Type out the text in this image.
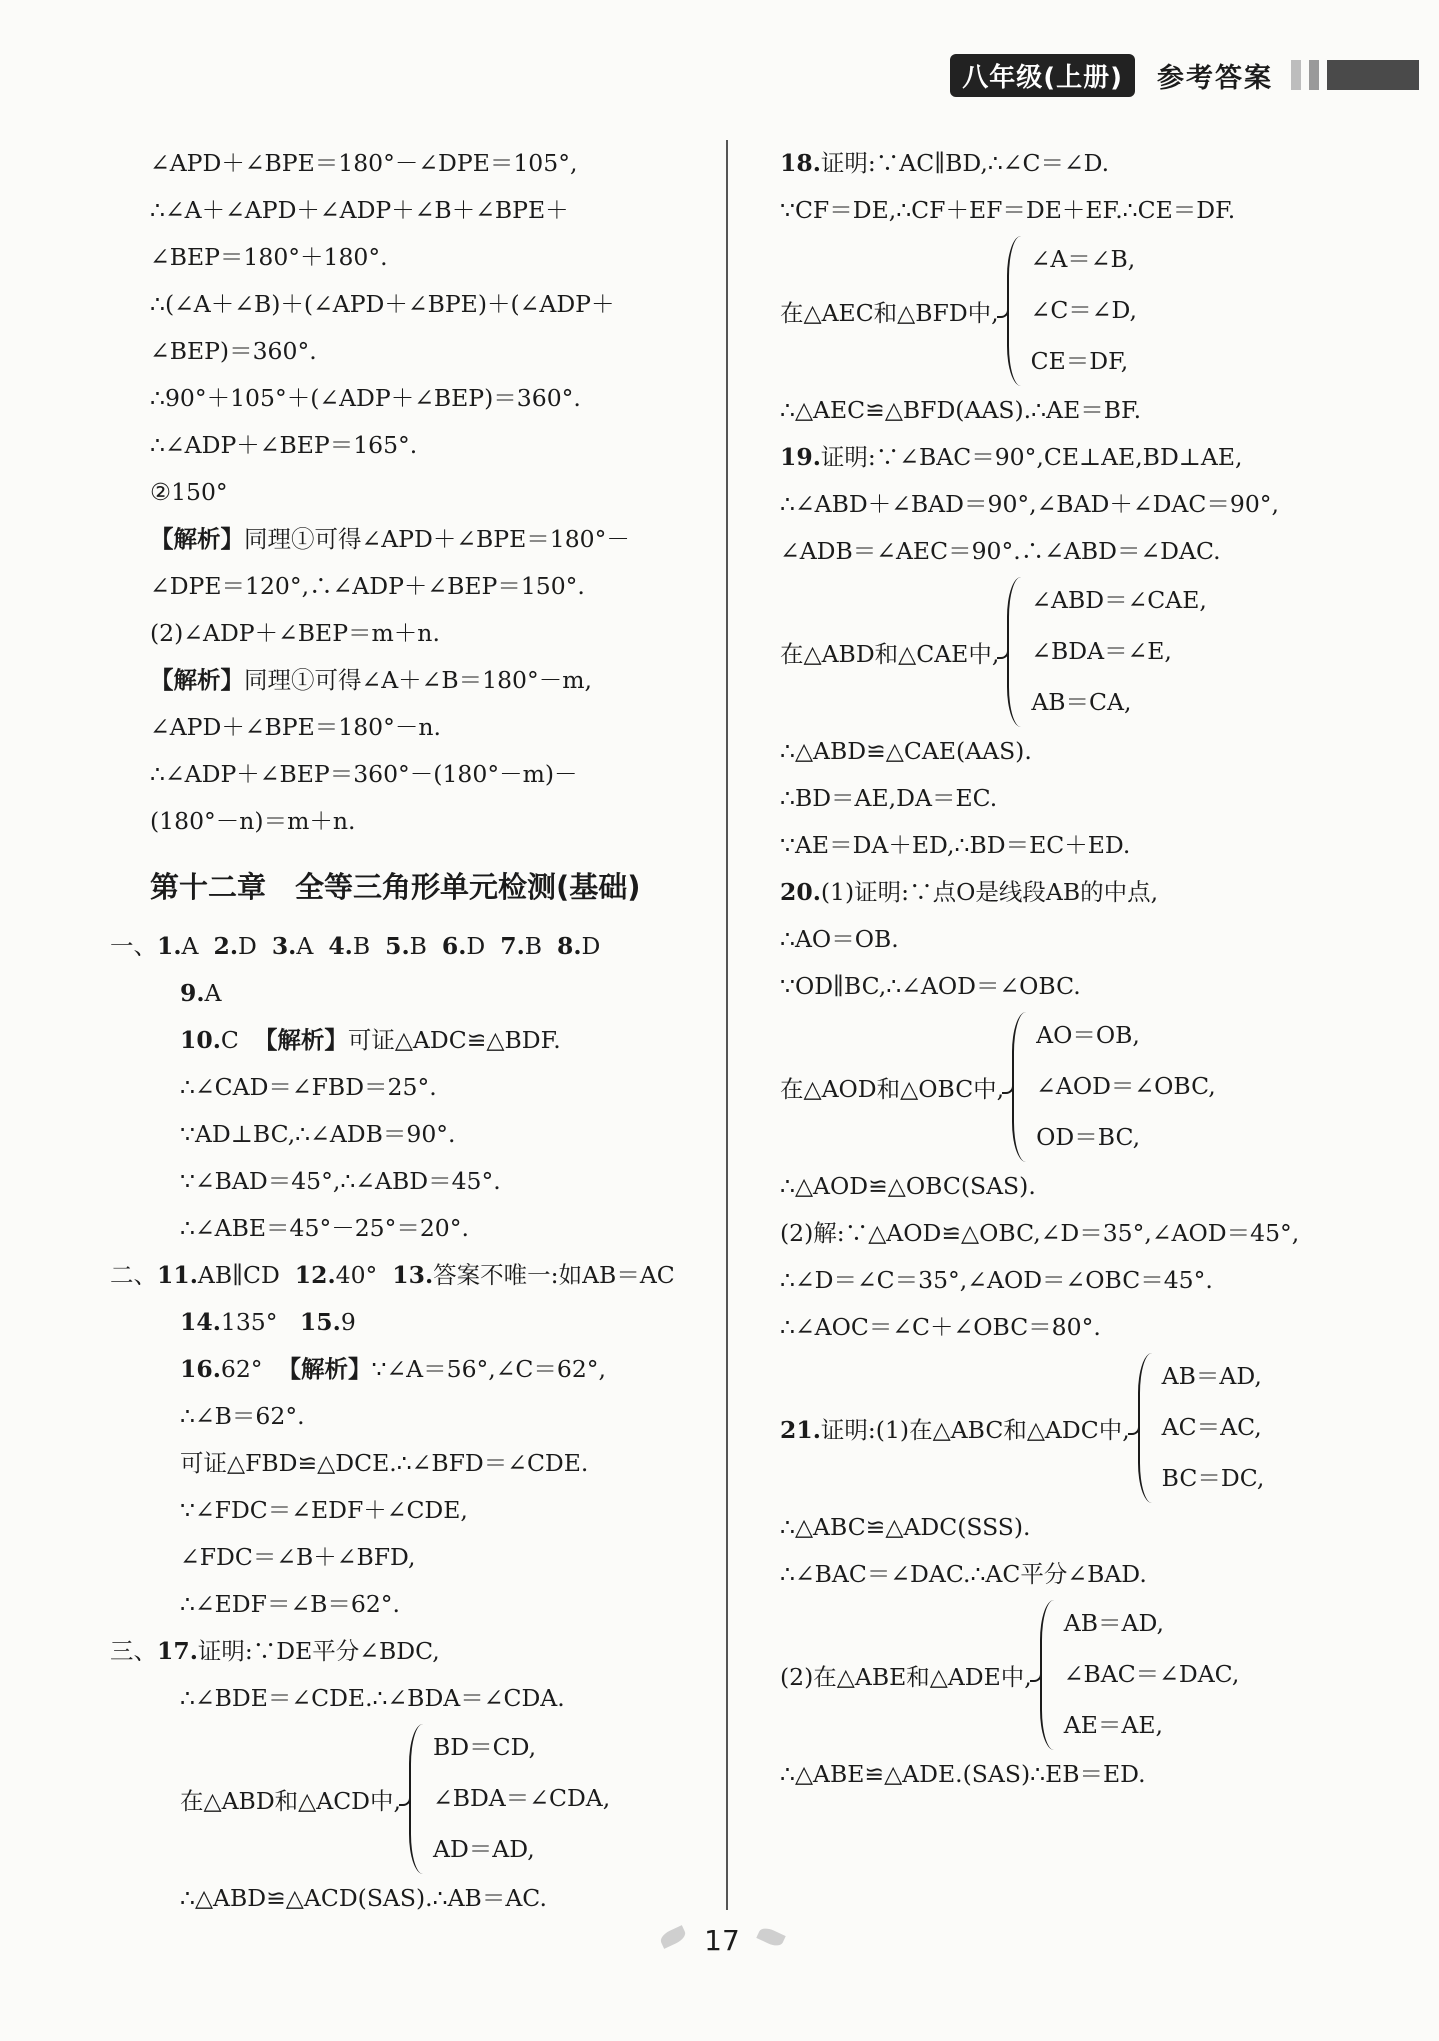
八年级(上册)	参考答案
∠APD＋∠BPE＝180°－∠DPE＝105°,
∴∠A＋∠APD＋∠ADP＋∠B＋∠BPE＋
∠BEP＝180°＋180°.
∴(∠A＋∠B)＋(∠APD＋∠BPE)＋(∠ADP＋
∠BEP)＝360°.
∴90°＋105°＋(∠ADP＋∠BEP)＝360°.
∴∠ADP＋∠BEP＝165°.
②150°
【解析】同理①可得∠APD＋∠BPE＝180°－
∠DPE＝120°,∴∠ADP＋∠BEP＝150°.
(2)∠ADP＋∠BEP＝m＋n.
【解析】同理①可得∠A＋∠B＝180°－m,
∠APD＋∠BPE＝180°－n.
∴∠ADP＋∠BEP＝360°－(180°－m)－
(180°－n)＝m＋n.
第十二章　全等三角形单元检测(基础)
一、1.A 2.D 3.A 4.B 5.B 6.D 7.B 8.D
9.A
10.C 【解析】可证△ADC≌△BDF.
∴∠CAD＝∠FBD＝25°.
∵AD⊥BC,∴∠ADB＝90°.
∵∠BAD＝45°,∴∠ABD＝45°.
∴∠ABE＝45°－25°＝20°.
二、11.AB∥CD 12.40° 13.答案不唯一:如AB＝AC
14.135° 15.9
16.62° 【解析】∵∠A＝56°,∠C＝62°,
∴∠B＝62°.
可证△FBD≌△DCE.∴∠BFD＝∠CDE.
∵∠FDC＝∠EDF＋∠CDE,
∠FDC＝∠B＋∠BFD,
∴∠EDF＝∠B＝62°.
三、17.证明:∵DE平分∠BDC,
∴∠BDE＝∠CDE.∴∠BDA＝∠CDA.
在△ABD和△ACD中,
BD＝CD,
∠BDA＝∠CDA,
AD＝AD,
∴△ABD≌△ACD(SAS).∴AB＝AC.
18.证明:∵AC∥BD,∴∠C＝∠D.
∵CF＝DE,∴CF＋EF＝DE＋EF.∴CE＝DF.
在△AEC和△BFD中,
∠A＝∠B,
∠C＝∠D,
CE＝DF,
∴△AEC≌△BFD(AAS).∴AE＝BF.
19.证明:∵∠BAC＝90°,CE⊥AE,BD⊥AE,
∴∠ABD＋∠BAD＝90°,∠BAD＋∠DAC＝90°,
∠ADB＝∠AEC＝90°.∴∠ABD＝∠DAC.
在△ABD和△CAE中,
∠ABD＝∠CAE,
∠BDA＝∠E,
AB＝CA,
∴△ABD≌△CAE(AAS).
∴BD＝AE,DA＝EC.
∵AE＝DA＋ED,∴BD＝EC＋ED.
20.(1)证明:∵点O是线段AB的中点,
∴AO＝OB.
∵OD∥BC,∴∠AOD＝∠OBC.
在△AOD和△OBC中,
AO＝OB,
∠AOD＝∠OBC,
OD＝BC,
∴△AOD≌△OBC(SAS).
(2)解:∵△AOD≌△OBC,∠D＝35°,∠AOD＝45°,
∴∠D＝∠C＝35°,∠AOD＝∠OBC＝45°.
∴∠AOC＝∠C＋∠OBC＝80°.
21.证明:(1)在△ABC和△ADC中,
AB＝AD,
AC＝AC,
BC＝DC,
∴△ABC≌△ADC(SSS).
∴∠BAC＝∠DAC.∴AC平分∠BAD.
(2)在△ABE和△ADE中,
AB＝AD,
∠BAC＝∠DAC,
AE＝AE,
∴△ABE≌△ADE.(SAS)∴EB＝ED.
17
